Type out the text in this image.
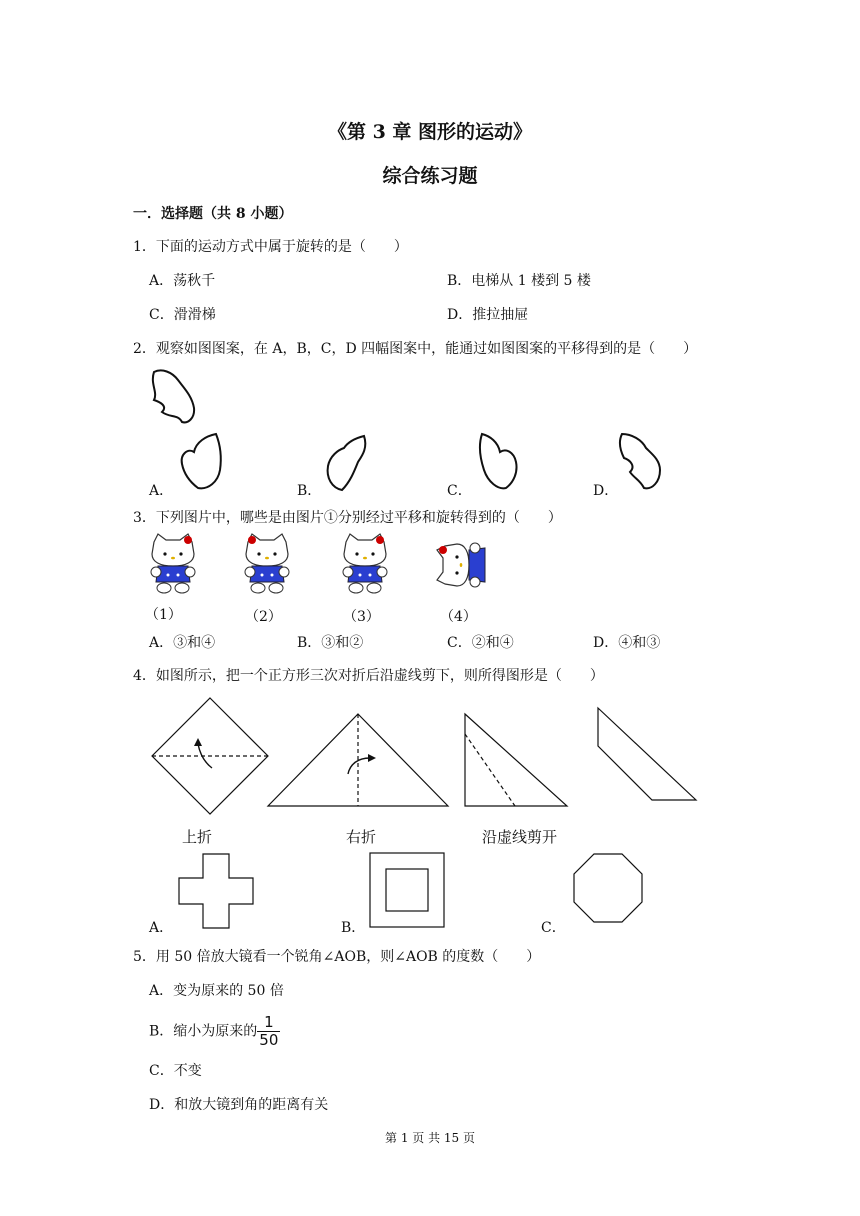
《第 3 章 图形的运动》
综合练习题
一．选择题（共 8 小题）
1．下面的运动方式中属于旋转的是（　　）
A．荡秋千	B．电梯从 1 楼到 5 楼
C．滑滑梯	D．推拉抽屉
2．观察如图图案，在 A，B，C，D 四幅图案中，能通过如图图案的平移得到的是（　　）
A．	B．	C．	D．
3．下列图片中，哪些是由图片①分别经过平移和旋转得到的（　　）
（1）	（2）	（3）	（4）
A．③和④	B．③和②	C．②和④	D．④和③
4．如图所示，把一个正方形三次对折后沿虚线剪下，则所得图形是（　　）
上折	右折	沿虚线剪开
A．	B．	C．
5．用 50 倍放大镜看一个锐角∠AOB，则∠AOB 的度数（　　）
A．变为原来的 50 倍
B．缩小为原来的 $\frac{1}{50}$
C．不变
D．和放大镜到角的距离有关
第 1 页 共 15 页
